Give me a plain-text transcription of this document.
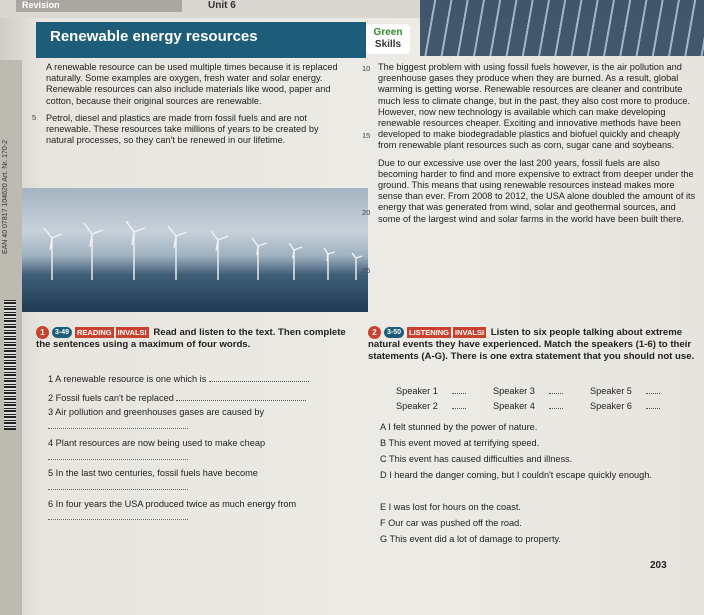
Revision	Unit 6
Renewable energy resources	Green
Skills
EAN 40 07817 104620 Art. Nr. 170-2

A renewable resource can be used multiple times because it is replaced naturally. Some examples are oxygen, fresh water and solar energy. Renewable resources can also include materials like wood, paper and cotton, because their original sources are renewable.

Petrol, diesel and plastics are made from fossil fuels and are not renewable. These resources take millions of years to be created by natural processes, so they can't be renewed in our lifetime.

5

The biggest problem with using fossil fuels however, is the air pollution and greenhouse gases they produce when they are burned. As a result, global warming is getting worse. Renewable resources are cleaner and contribute much less to climate change, but in the past, they also cost more to produce. However, now new technology is available which can make developing renewable resources cheaper. Exciting and innovative methods have been developed to make biodegradable plastics and biofuel quickly and cheaply from renewable plant resources such as corn, sugar cane and soybeans.

Due to our excessive use over the last 200 years, fossil fuels are also becoming harder to find and more expensive to extract from deeper under the ground. This means that using renewable resources instead makes more sense than ever. From 2008 to 2012, the USA alone doubled the amount of its energy that was generated from wind, solar and geothermal sources, and some of the largest wind and solar farms in the world have been built there.

10
15
20
25
1 3-49 READING INVALSI Read and listen to the text. Then complete the sentences using a maximum of four words.
1 A renewable resource is one which is
2 Fossil fuels can't be replaced
3 Air pollution and greenhouses gases are caused by
4 Plant resources are now being used to make cheap
5 In the last two centuries, fossil fuels have become
6 In four years the USA produced twice as much energy from
2 3-50 LISTENING INVALSI Listen to six people talking about extreme natural events they have experienced. Match the speakers (1-6) to their statements (A-G). There is one extra statement that you should not use.
Speaker 1	Speaker 3	Speaker 5
Speaker 2	Speaker 4	Speaker 6
A I felt stunned by the power of nature.
B This event moved at terrifying speed.
C This event has caused difficulties and illness.
D I heard the danger coming, but I couldn't escape quickly enough.
E I was lost for hours on the coast.
F Our car was pushed off the road.
G This event did a lot of damage to property.
203
